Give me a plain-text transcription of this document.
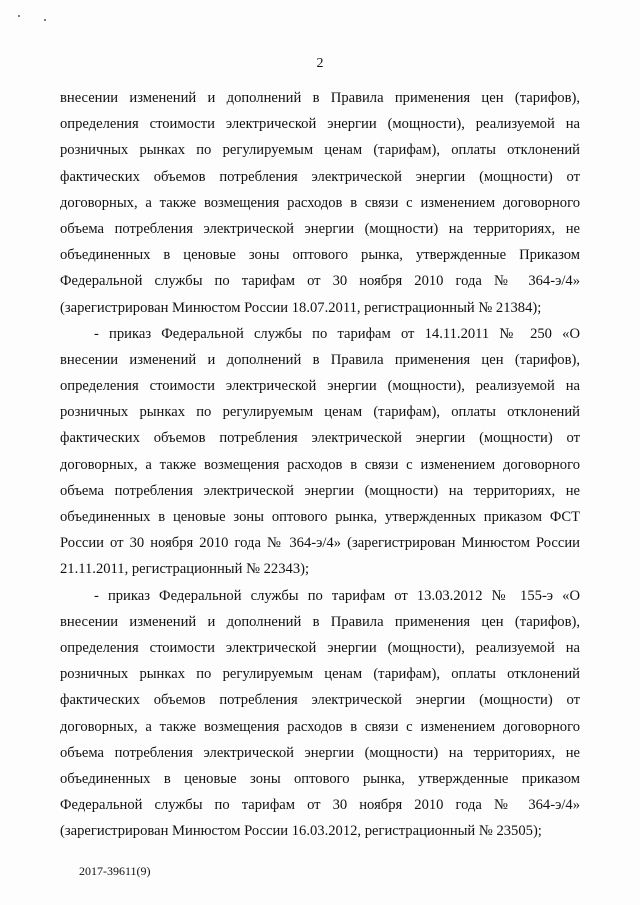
2
внесении изменений и дополнений в Правила применения цен (тарифов),
определения стоимости электрической энергии (мощности), реализуемой на
розничных рынках по регулируемым ценам (тарифам), оплаты отклонений
фактических объемов потребления электрической энергии (мощности) от
договорных, а также возмещения расходов в связи с изменением договорного
объема потребления электрической энергии (мощности) на территориях, не
объединенных в ценовые зоны оптового рынка, утвержденные Приказом
Федеральной службы по тарифам от 30 ноября 2010 года № 364-э/4»
(зарегистрирован Минюстом России 18.07.2011, регистрационный № 21384);
- приказ Федеральной службы по тарифам от 14.11.2011 № 250 «О
внесении изменений и дополнений в Правила применения цен (тарифов),
определения стоимости электрической энергии (мощности), реализуемой на
розничных рынках по регулируемым ценам (тарифам), оплаты отклонений
фактических объемов потребления электрической энергии (мощности) от
договорных, а также возмещения расходов в связи с изменением договорного
объема потребления электрической энергии (мощности) на территориях, не
объединенных в ценовые зоны оптового рынка, утвержденных приказом ФСТ
России от 30 ноября 2010 года № 364-э/4» (зарегистрирован Минюстом России
21.11.2011, регистрационный № 22343);
- приказ Федеральной службы по тарифам от 13.03.2012 № 155-э «О
внесении изменений и дополнений в Правила применения цен (тарифов),
определения стоимости электрической энергии (мощности), реализуемой на
розничных рынках по регулируемым ценам (тарифам), оплаты отклонений
фактических объемов потребления электрической энергии (мощности) от
договорных, а также возмещения расходов в связи с изменением договорного
объема потребления электрической энергии (мощности) на территориях, не
объединенных в ценовые зоны оптового рынка, утвержденные приказом
Федеральной службы по тарифам от 30 ноября 2010 года № 364-э/4»
(зарегистрирован Минюстом России 16.03.2012, регистрационный № 23505);
2017-39611(9)
